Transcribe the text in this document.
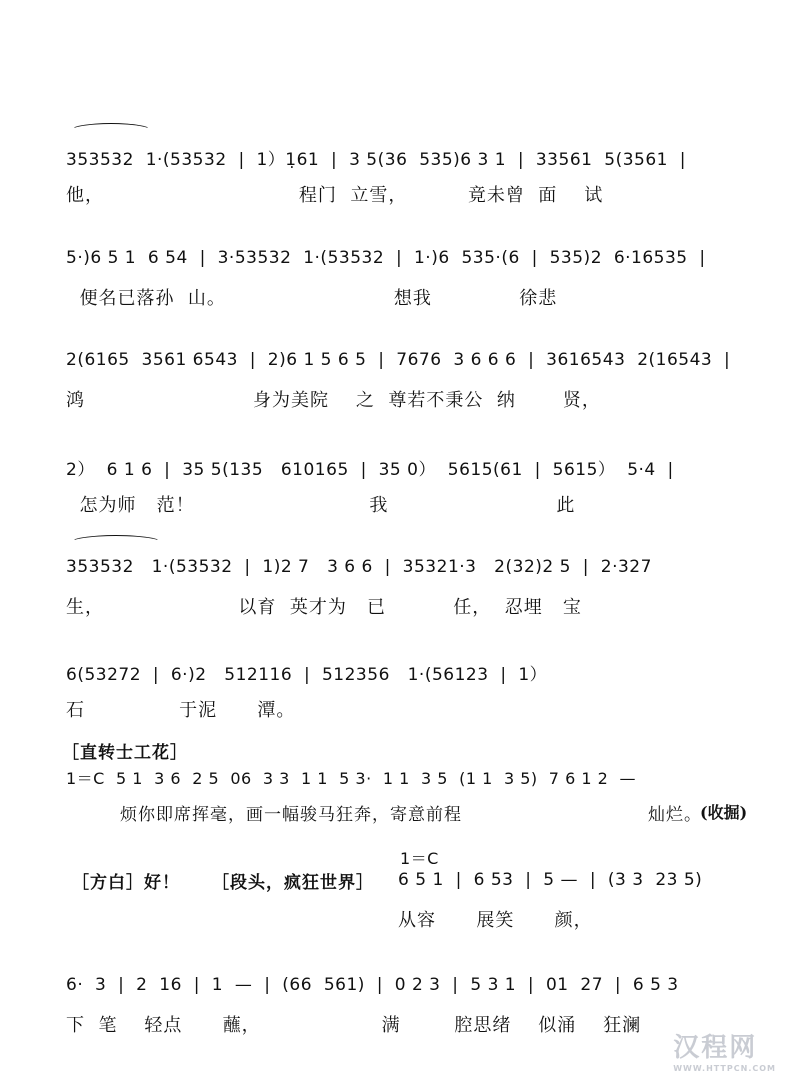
353532  1·(53532  |  1）1̣61  |  3 5(36  535)6 3 1  |  33561  5(3561  |
他，                             程门  立雪，         竟未曾  面    试
5·)6 5 1  6 54  |  3·53532  1·(53532  |  1·)6  535·(6  |  535)2  6·16535  |
便名已落孙  山。                         想我             徐悲
2(6165  3561 6543  |  2)6 1 5 6 5  |  7676  3 6 6 6  |  3616543  2(16543  |
鸿                         身为美院    之  尊若不秉公  纳       贤，
2）  6 1 6  |  35 5(135   610165  |  35 0）  5615(61  |  5615）  5·4  |
怎为师   范！                          我                         此
353532   1·(53532  |  1)2 7   3 6 6  |  35321·3   2(32)2 5  |  2·327
生，                    以育  英才为   已          任，  忍埋   宝
6(53272  |  6·)2   512116  |  512356   1·(56123  |  1）
石              于泥      潭。
［直转士工花］
1＝C  5 1  3 6  2 5  06  3 3  1 1  5 3·  1 1  3 5  (1 1  3 5)  7 6 1 2  —
烦你即席挥毫，画一幅骏马狂奔，寄意前程	灿烂。
(收掘)
［方白］好！ ［段头，疯狂世界］
1＝C
6 5 1  |  6 53  |  5 —  |  (3 3  23 5)
从容      展笑      颜，
6·  3  |  2  16  |  1  —  |  (66  561)  |  0 2 3  |  5 3 1  |  01  27  |  6 5 3
下  笔    轻点      蘸，                  满        腔思绪    似涌    狂澜
汉程网
WWW.HTTPCN.COM
